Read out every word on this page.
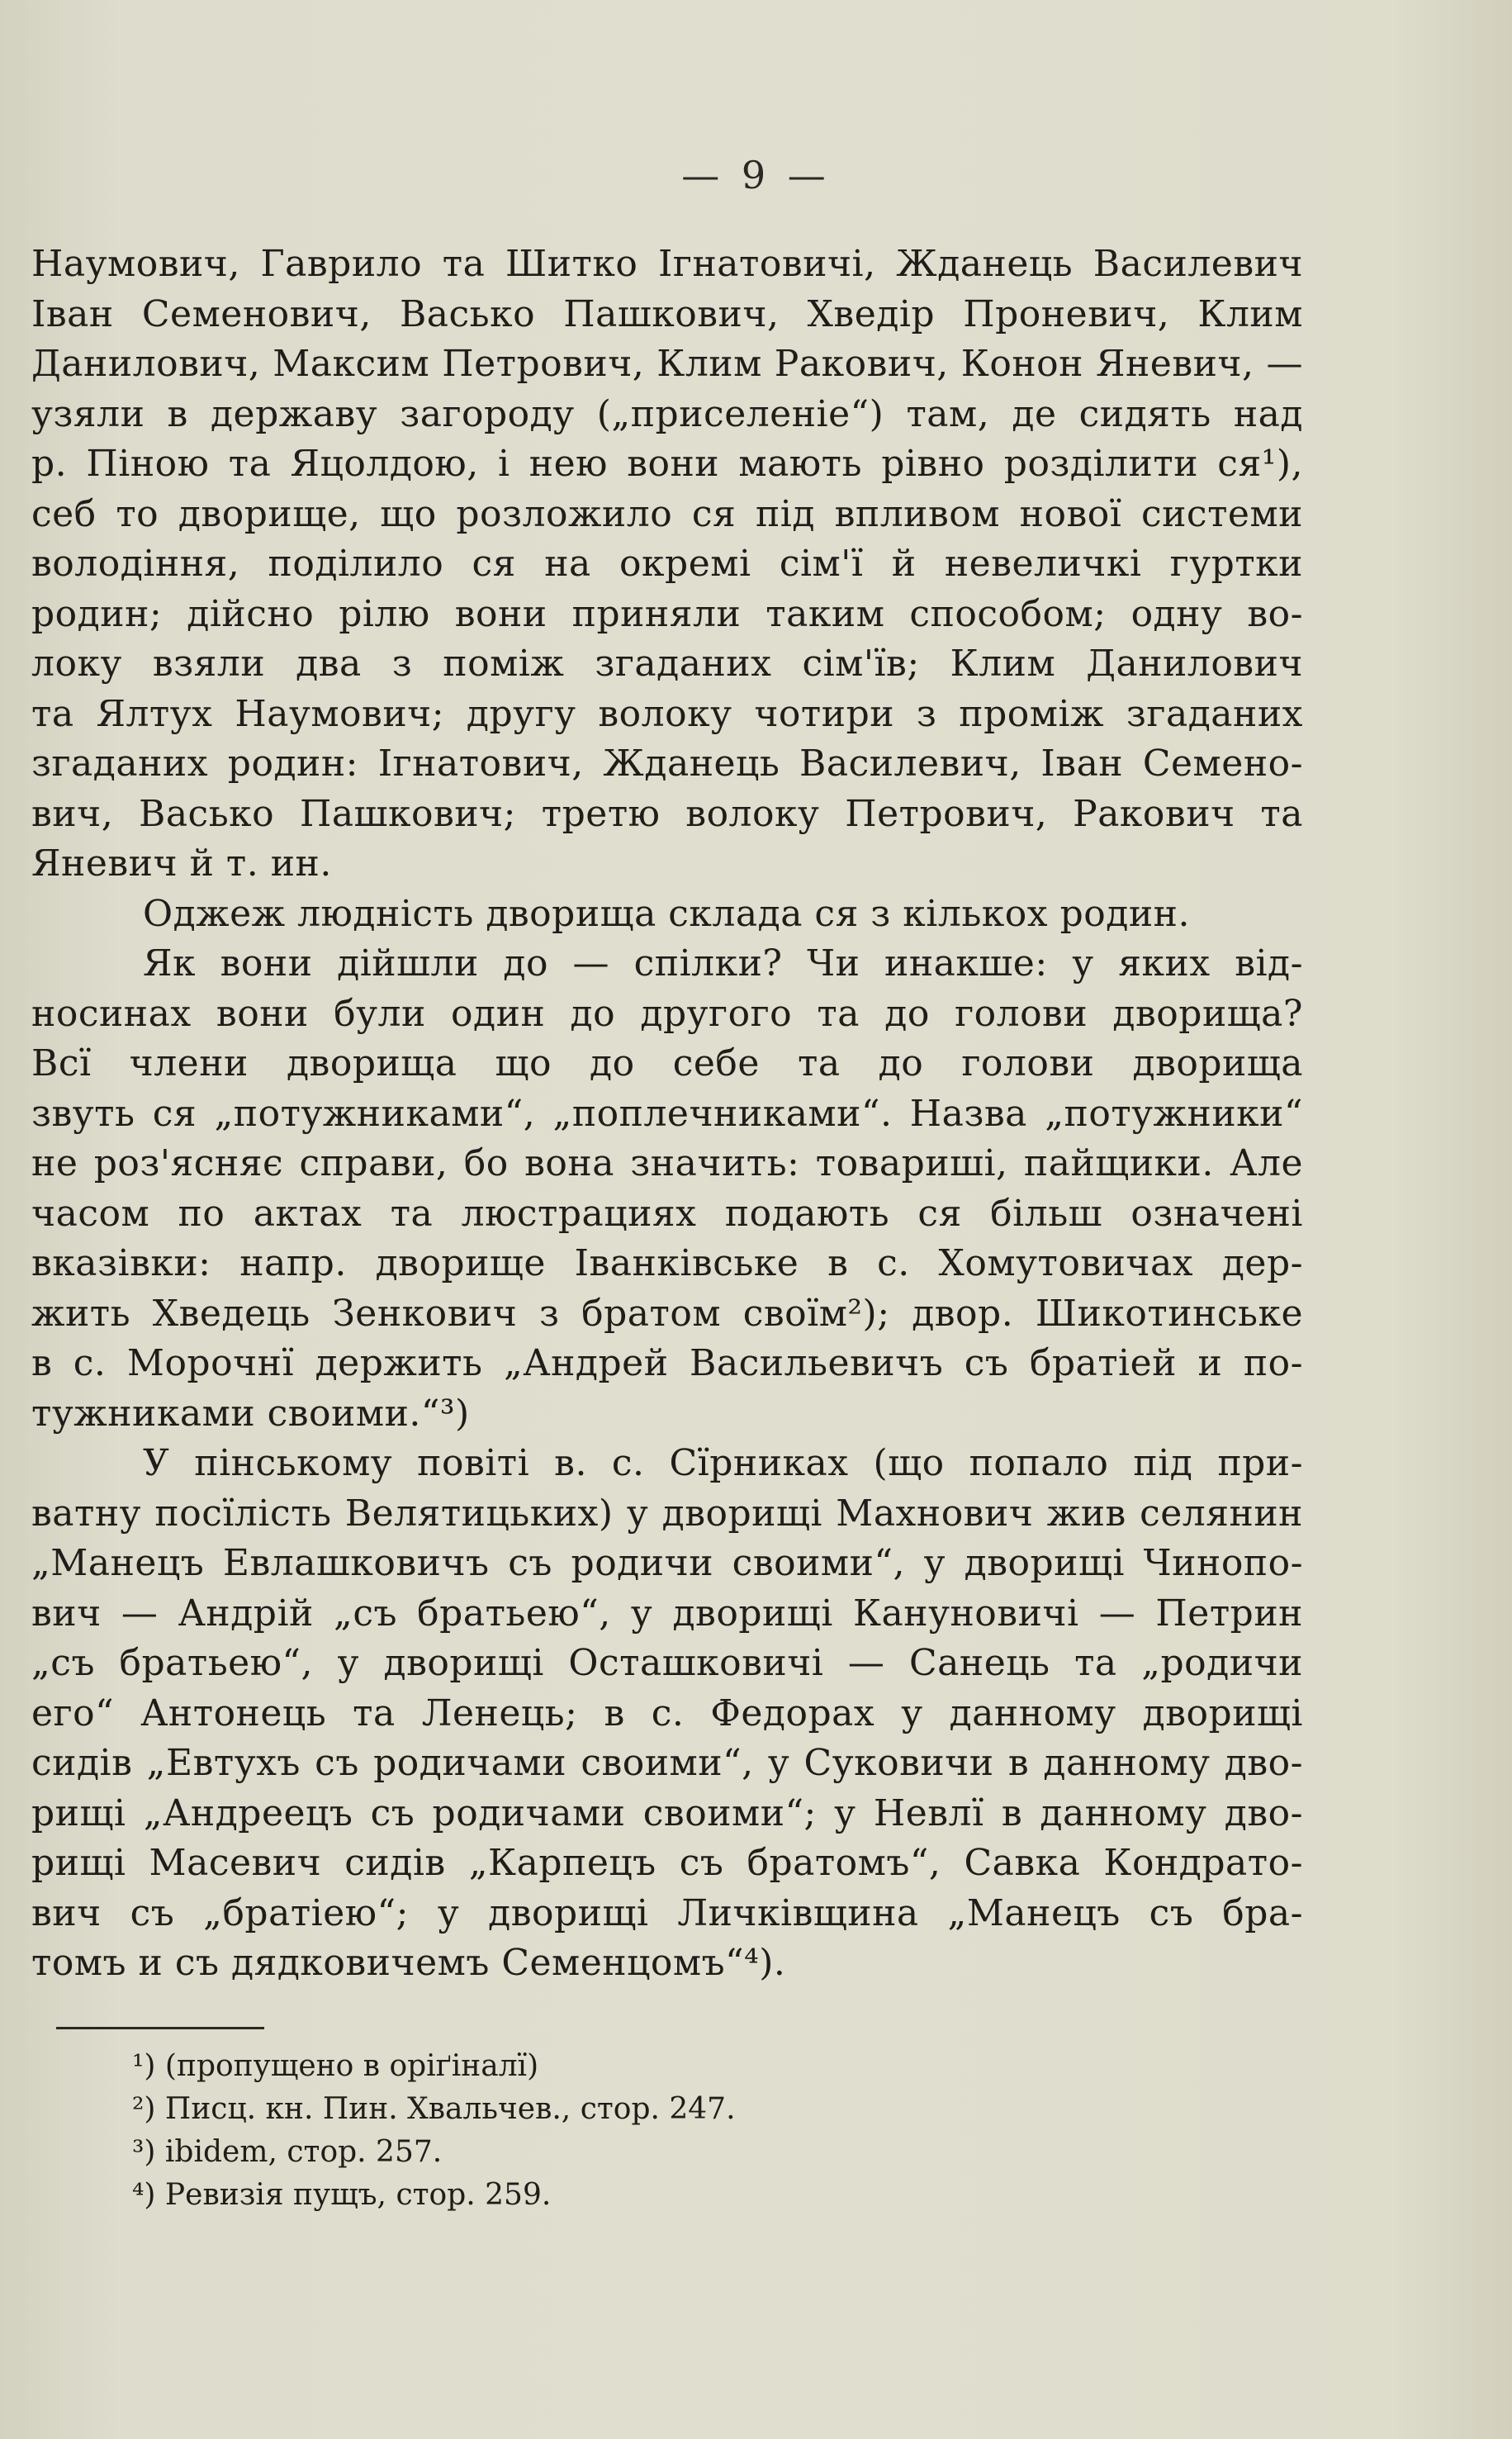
— 9 —
Наумович, Гаврило та Шитко Ігнатовичі, Жданець Василевич
Іван Семенович, Васько Пашкович, Хведір Проневич, Клим
Данилович, Максим Петрович, Клим Ракович, Конон Яневич, —
узяли в державу загороду („приселеніе“) там, де сидять над
р. Піною та Яцолдою, і нею вони мають рівно розділити ся¹),
себ то дворище, що розложило ся під впливом нової системи
володіння, поділило ся на окремі сім'ї й невеличкі гуртки
родин; дійсно рілю вони приняли таким способом; одну во-
локу взяли два з поміж згаданих сім'їв; Клим Данилович
та Ялтух Наумович; другу волоку чотири з проміж згаданих
згаданих родин: Ігнатович, Жданець Василевич, Іван Семено-
вич, Васько Пашкович; третю волоку Петрович, Ракович та
Яневич й т. ин.
Оджеж людність дворища склада ся з кількох родин.
Як вони дійшли до — спілки? Чи инакше: у яких від-
носинах вони були один до другого та до голови дворища?
Всї члени дворища що до себе та до голови дворища
звуть ся „потужниками“, „поплечниками“. Назва „потужники“
не роз'ясняє справи, бо вона значить: товариші, пайщики. Але
часом по актах та люстрациях подають ся більш означені
вказівки: напр. дворище Іванківське в с. Хомутовичах дер-
жить Хведець Зенкович з братом своїм²); двор. Шикотинське
в с. Морочнї держить „Андрей Васильевичъ съ братіей и по-
тужниками своими.“³)
У пінському повіті в. с. Сїрниках (що попало під при-
ватну посїлість Велятицьких) у дворищі Махнович жив селянин
„Манецъ Евлашковичъ съ родичи своими“, у дворищі Чинопо-
вич — Андрій „съ братьею“, у дворищі Кануновичі — Петрин
„съ братьею“, у дворищі Осташковичі — Санець та „родичи
его“ Антонець та Ленець; в с. Федорах у данному дворищі
сидів „Евтухъ съ родичами своими“, у Суковичи в данному дво-
рищі „Андреецъ съ родичами своими“; у Невлї в данному дво-
рищі Масевич сидів „Карпецъ съ братомъ“, Савка Кондрато-
вич съ „братіею“; у дворищі Личківщина „Манецъ съ бра-
томъ и съ дядковичемъ Семенцомъ“⁴).
¹) (пропущено в оріґіналї)
²) Писц. кн. Пин. Хвальчев., стор. 247.
³) ibidem, стор. 257.
⁴) Ревизія пущъ, стор. 259.
